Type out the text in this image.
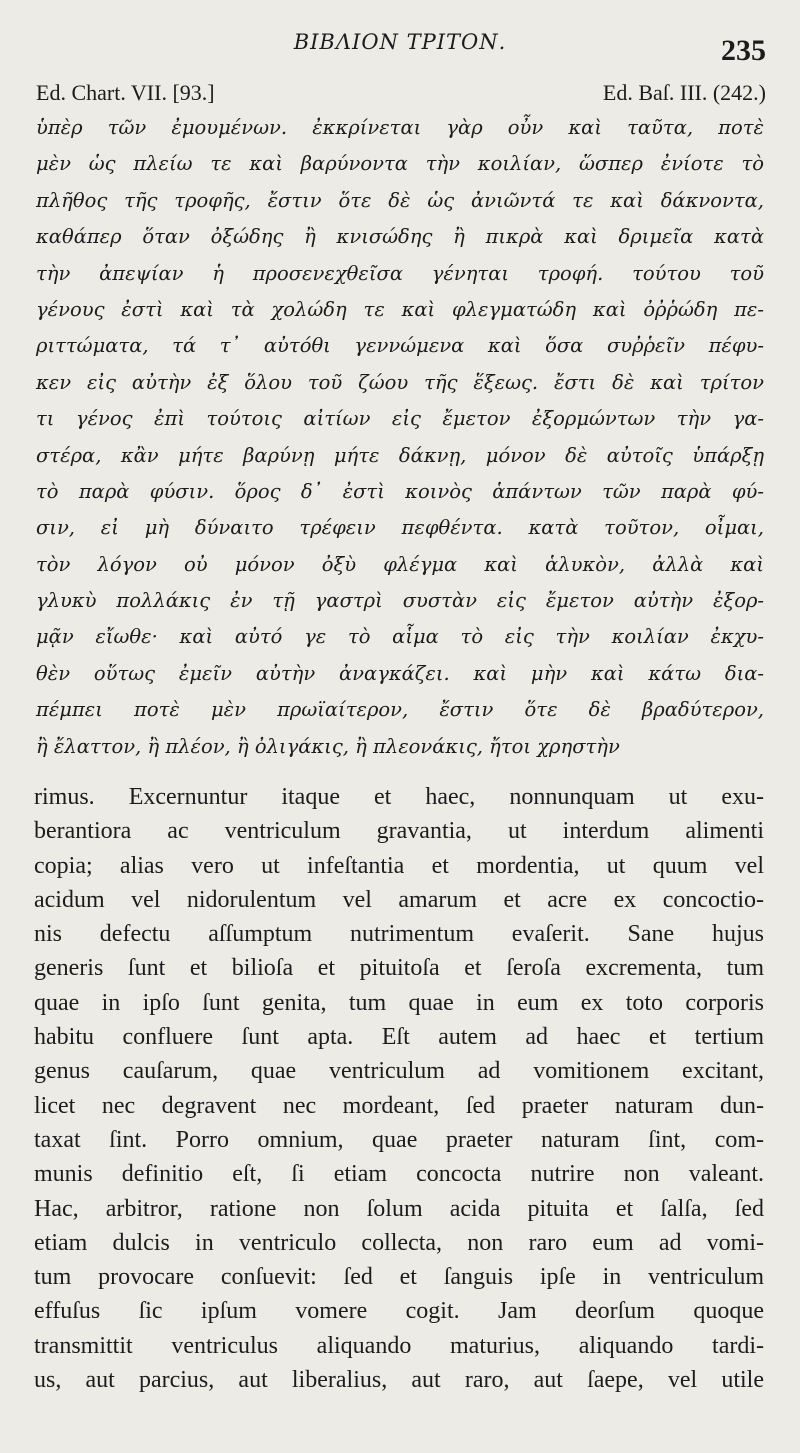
ΒΙΒΛΙΟΝ ΤΡΙΤΟΝ.	235
Ed. Chart. VII. [93.]	Ed. Baſ. III. (242.)
ὑπὲρ τῶν ἐμουμένων. ἐκκρίνεται γὰρ οὖν καὶ ταῦτα, ποτὲ
μὲν ὡς πλείω τε καὶ βαρύνοντα τὴν κοιλίαν, ὥσπερ ἐνίοτε τὸ
πλῆθος τῆς τροφῆς, ἔστιν ὅτε δὲ ὡς ἀνιῶντά τε καὶ δάκνοντα,
καθάπερ ὅταν ὀξώδης ἢ κνισώδης ἢ πικρὰ καὶ δριμεῖα κατὰ
τὴν ἀπεψίαν ἡ προσενεχθεῖσα γένηται τροφή. τούτου τοῦ
γένους ἐστὶ καὶ τὰ χολώδη τε καὶ φλεγματώδη καὶ ὀῤῥώδη πε-
ριττώματα, τά τ᾽ αὐτόθι γεννώμενα καὶ ὅσα συῤῥεῖν πέφυ-
κεν εἰς αὐτὴν ἐξ ὅλου τοῦ ζώου τῆς ἕξεως. ἔστι δὲ καὶ τρίτον
τι γένος ἐπὶ τούτοις αἰτίων εἰς ἔμετον ἐξορμώντων τὴν γα-
στέρα, κἂν μήτε βαρύνῃ μήτε δάκνῃ, μόνον δὲ αὐτοῖς ὑπάρξῃ
τὸ παρὰ φύσιν. ὅρος δ᾽ ἐστὶ κοινὸς ἁπάντων τῶν παρὰ φύ-
σιν, εἰ μὴ δύναιτο τρέφειν πεφθέντα. κατὰ τοῦτον, οἶμαι,
τὸν λόγον οὐ μόνον ὀξὺ φλέγμα καὶ ἁλυκὸν, ἀλλὰ καὶ
γλυκὺ πολλάκις ἐν τῇ γαστρὶ συστὰν εἰς ἔμετον αὐτὴν ἐξορ-
μᾷν εἴωθε· καὶ αὐτό γε τὸ αἷμα τὸ εἰς τὴν κοιλίαν ἐκχυ-
θὲν οὕτως ἐμεῖν αὐτὴν ἀναγκάζει. καὶ μὴν καὶ κάτω δια-
πέμπει ποτὲ μὲν πρωϊαίτερον, ἔστιν ὅτε δὲ βραδύτερον,
ἢ ἔλαττον, ἢ πλέον, ἢ ὀλιγάκις, ἢ πλεονάκις, ἤτοι χρηστὴν
rimus. Excernuntur itaque et haec, nonnunquam ut exu-
berantiora ac ventriculum gravantia, ut interdum alimenti
copia; alias vero ut infeſtantia et mordentia, ut quum vel
acidum vel nidorulentum vel amarum et acre ex concoctio-
nis defectu aſſumptum nutrimentum evaſerit. Sane hujus
generis ſunt et bilioſa et pituitoſa et ſeroſa excrementa, tum
quae in ipſo ſunt genita, tum quae in eum ex toto corporis
habitu confluere ſunt apta. Eſt autem ad haec et tertium
genus cauſarum, quae ventriculum ad vomitionem excitant,
licet nec degravent nec mordeant, ſed praeter naturam dun-
taxat ſint. Porro omnium, quae praeter naturam ſint, com-
munis definitio eſt, ſi etiam concocta nutrire non valeant.
Hac, arbitror, ratione non ſolum acida pituita et ſalſa, ſed
etiam dulcis in ventriculo collecta, non raro eum ad vomi-
tum provocare conſuevit: ſed et ſanguis ipſe in ventriculum
effuſus ſic ipſum vomere cogit. Jam deorſum quoque
transmittit ventriculus aliquando maturius, aliquando tardi-
us, aut parcius, aut liberalius, aut raro, aut ſaepe, vel utile
